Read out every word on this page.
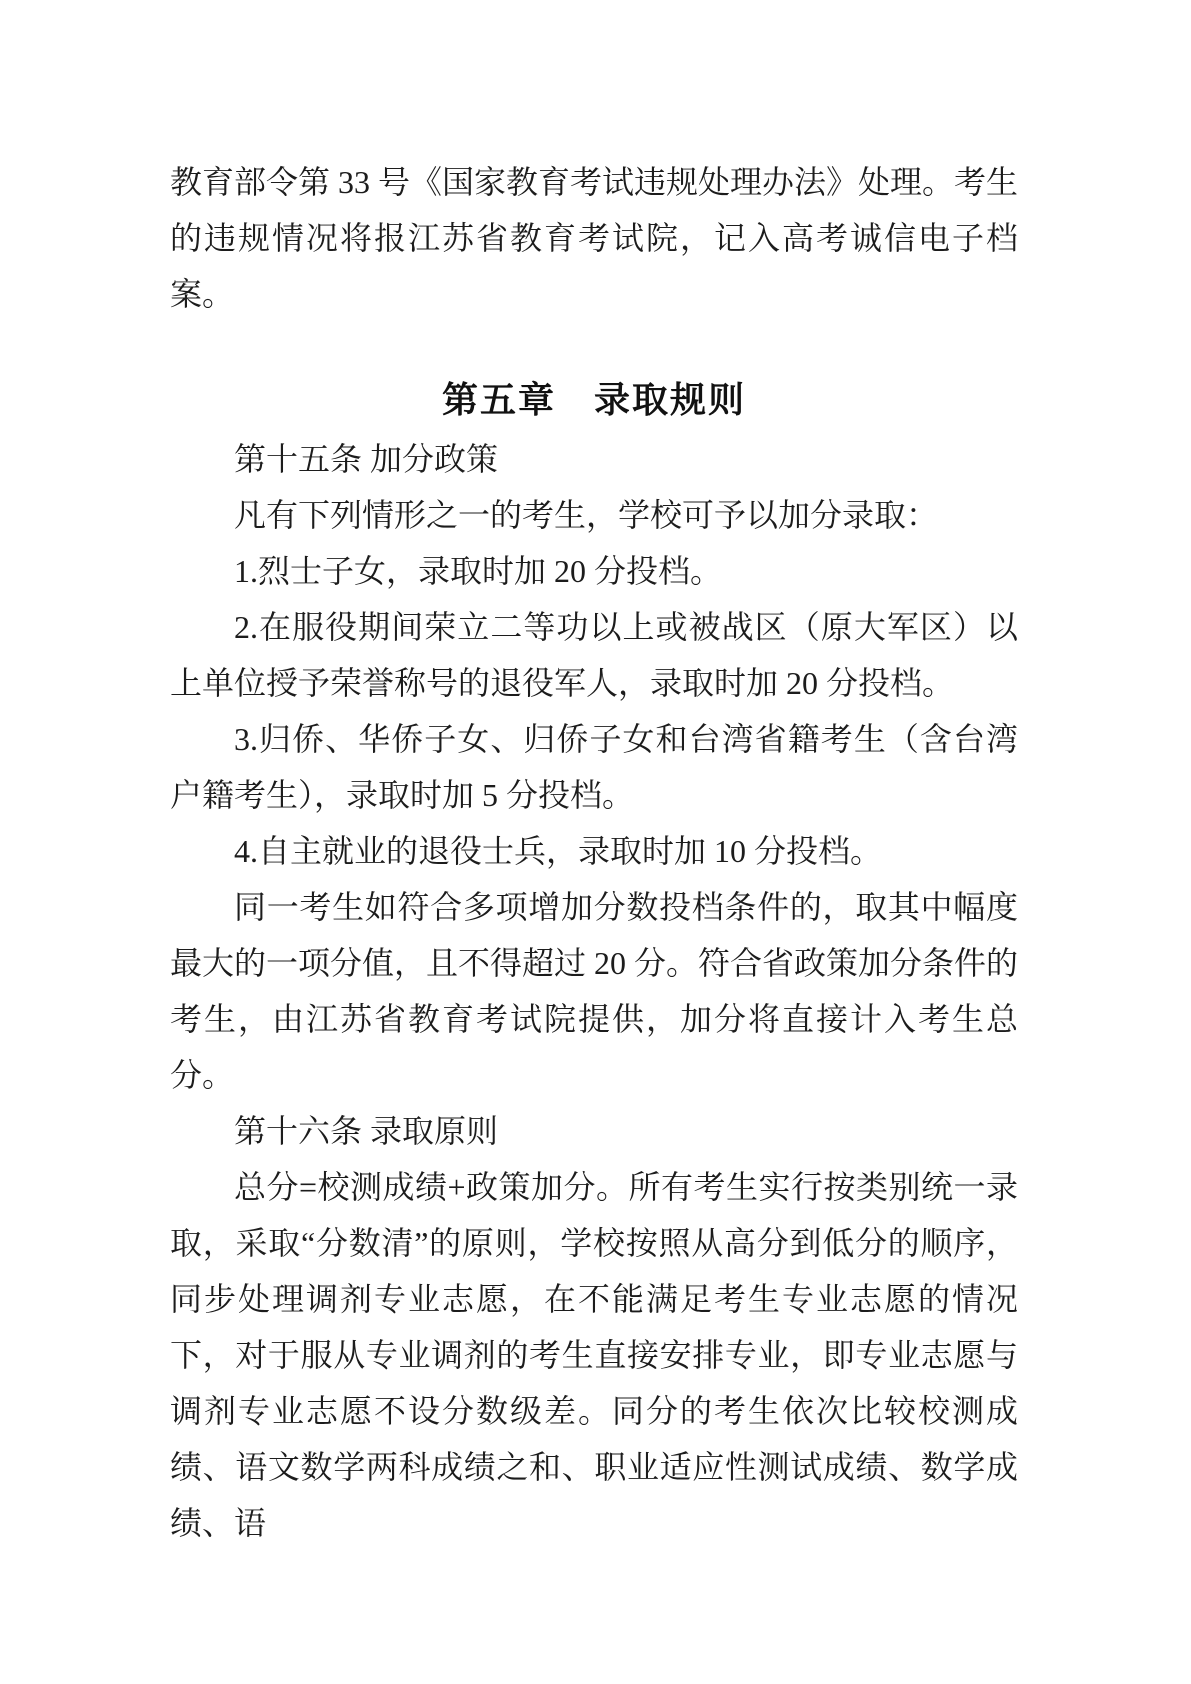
教育部令第 33 号《国家教育考试违规处理办法》处理。考生的违规情况将报江苏省教育考试院，记入高考诚信电子档案。

第五章　录取规则

第十五条 加分政策

凡有下列情形之一的考生，学校可予以加分录取：

1.烈士子女，录取时加 20 分投档。

2.在服役期间荣立二等功以上或被战区（原大军区）以上单位授予荣誉称号的退役军人，录取时加 20 分投档。

3.归侨、华侨子女、归侨子女和台湾省籍考生（含台湾户籍考生），录取时加 5 分投档。

4.自主就业的退役士兵，录取时加 10 分投档。

同一考生如符合多项增加分数投档条件的，取其中幅度最大的一项分值，且不得超过 20 分。符合省政策加分条件的考生，由江苏省教育考试院提供，加分将直接计入考生总分。

第十六条 录取原则

总分=校测成绩+政策加分。所有考生实行按类别统一录取，采取“分数清”的原则，学校按照从高分到低分的顺序，同步处理调剂专业志愿，在不能满足考生专业志愿的情况下，对于服从专业调剂的考生直接安排专业，即专业志愿与调剂专业志愿不设分数级差。同分的考生依次比较校测成绩、语文数学两科成绩之和、职业适应性测试成绩、数学成绩、语
